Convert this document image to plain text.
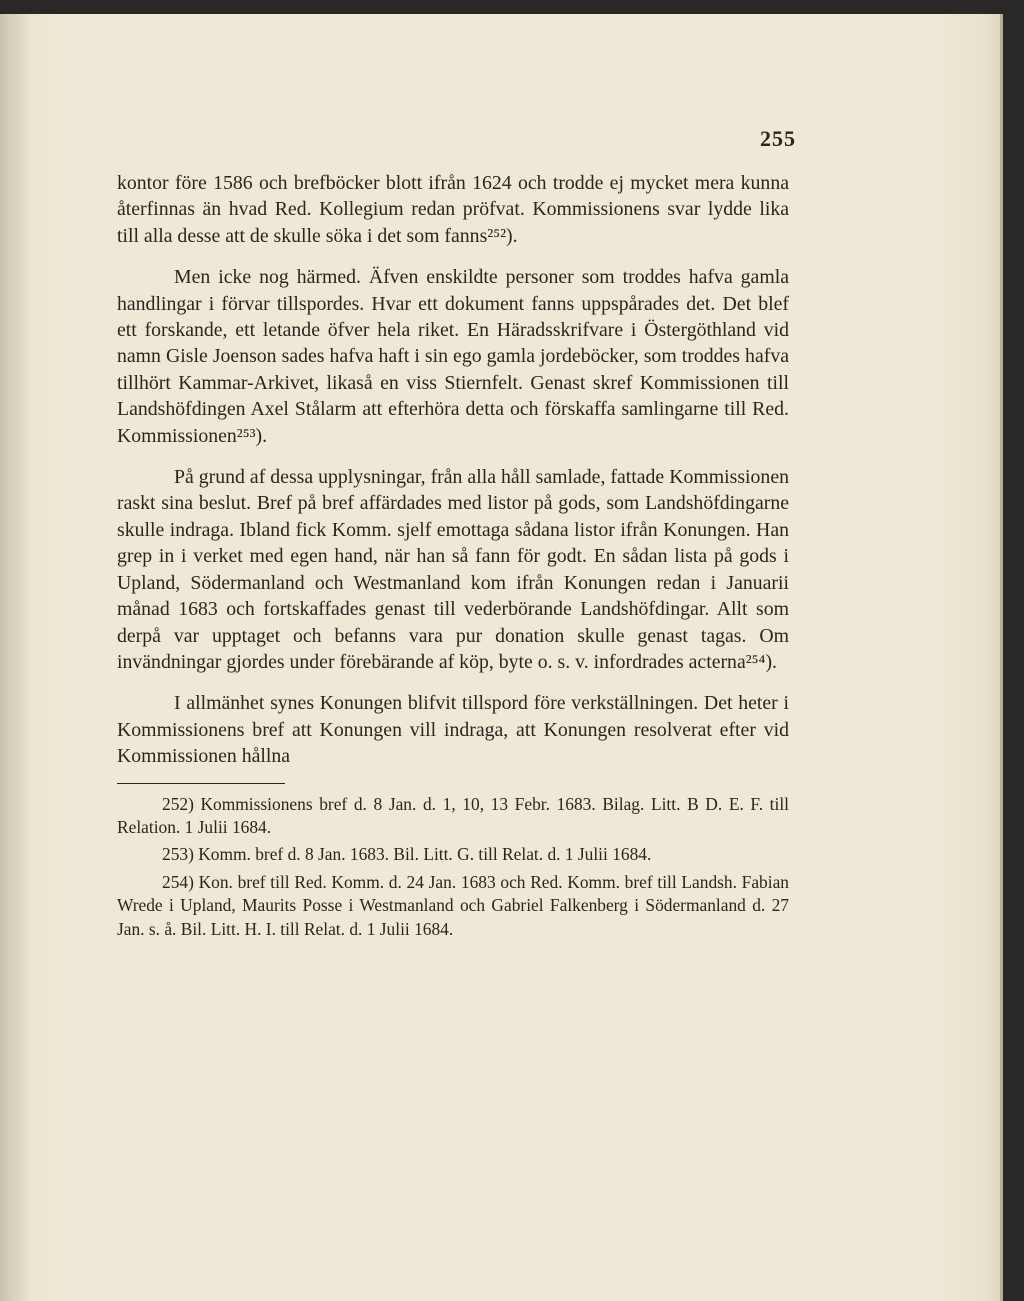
255

kontor före 1586 och brefböcker blott ifrån 1624 och trodde ej mycket mera kunna återfinnas än hvad Red. Kollegium redan pröfvat. Kommissionens svar lydde lika till alla desse att de skulle söka i det som fanns²⁵²).

Men icke nog härmed. Äfven enskildte personer som troddes hafva gamla handlingar i förvar tillspordes. Hvar ett dokument fanns uppspårades det. Det blef ett forskande, ett letande öfver hela riket. En Häradsskrifvare i Östergöthland vid namn Gisle Joenson sades hafva haft i sin ego gamla jordeböcker, som troddes hafva tillhört Kammar-Arkivet, likaså en viss Stiernfelt. Genast skref Kommissionen till Landshöfdingen Axel Stålarm att efterhöra detta och förskaffa samlingarne till Red. Kommissionen²⁵³).

På grund af dessa upplysningar, från alla håll samlade, fattade Kommissionen raskt sina beslut. Bref på bref affärdades med listor på gods, som Landshöfdingarne skulle indraga. Ibland fick Komm. sjelf emottaga sådana listor ifrån Konungen. Han grep in i verket med egen hand, när han så fann för godt. En sådan lista på gods i Upland, Södermanland och Westmanland kom ifrån Konungen redan i Januarii månad 1683 och fortskaffades genast till vederbörande Landshöfdingar. Allt som derpå var upptaget och befanns vara pur donation skulle genast tagas. Om invändningar gjordes under förebärande af köp, byte o. s. v. infordrades acterna²⁵⁴).

I allmänhet synes Konungen blifvit tillspord före verkställningen. Det heter i Kommissionens bref att Konungen vill indraga, att Konungen resolverat efter vid Kommissionen hållna

252) Kommissionens bref d. 8 Jan. d. 1, 10, 13 Febr. 1683. Bilag. Litt. B D. E. F. till Relation. 1 Julii 1684.

253) Komm. bref d. 8 Jan. 1683. Bil. Litt. G. till Relat. d. 1 Julii 1684.

254) Kon. bref till Red. Komm. d. 24 Jan. 1683 och Red. Komm. bref till Landsh. Fabian Wrede i Upland, Maurits Posse i Westmanland och Gabriel Falkenberg i Södermanland d. 27 Jan. s. å. Bil. Litt. H. I. till Relat. d. 1 Julii 1684.
